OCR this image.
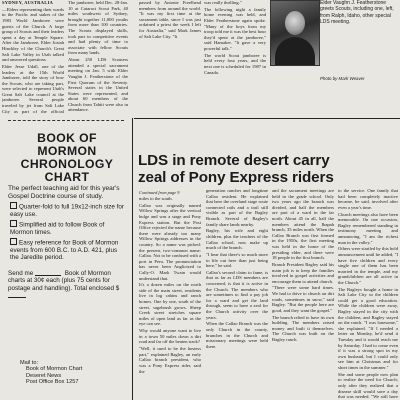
SYDNEY, AUSTRALIA

—Elders representing their wards in the Pacific and stakes of the 1983 World Jamboree were guests of the Church. A large group of Scouts and their leaders spent a day at Temple Square. After the Jamboree, Elder Josiah Hinckley of the Church's Great Salt Lake Valley in Utah talked and answered questions.

Elder Jesse Udall, one of the leaders at the 15th World Jamboree, told the story of how the Scouts, who are taking part, were selected to represent Utah's Great Salt Lake council at the jamboree. Several people traveled by jet from Salt Lake City as part of the official

The jamboree, held Dec. 28-Jan. 10 at Cataract Scout Park, 40 miles southwest of Sydney, brought together 11,000 youths from more than 100 countries. The Scouts displayed skills, took part in competitive events and had plenty of time to associate with fellow Scouts from many lands.

About 250 LDS Scouters attended a special sacrament meeting on Jan. 5 with Elder Vaughn J. Featherstone of the First Quorum of the Seventy. Several states in the United States were represented, and about 60 members of the Church from Tahiti were also in attendance.

passed by Antonie Freelhead members from around the world. "It was my first time at the sacrament table, since I was just ordained a priest the week I left for Australia," said Mark James of Salt Lake City. "It

was really thrilling."

The following night a family home evening was held, and Elder Featherstone again spoke. "Many of the boys from my troop told me it was the best hour they'd spent at the jamboree," said Hamaker. "It gave a very powerful talk."

The world Scout jamboree is held every four years, and the next one is scheduled for 1987 in Canada.

Elder Vaughn J. Featherstone greets Scouts, including one, left, from Ralph, Idaho, other special LDS meeting.
Photo by Mark Weaver
BOOK OF
MORMON
CHRONOLOGY
CHART
The perfect teaching aid for this year's Gospel Doctrine course of study.
Quarter-fold to full 19x12-inch size for easy use.
Simplified aid to follow Book of Mormon times.
Easy reference for Book of Mormon events from 600 B.C. to A.D. 421, plus the Jaredite period.
Send me	Book of Mormon charts at 30¢ each (plus 75 cents for postage and handling). Total enclosed $
Mail to:
Book of Mormon Chart
Deseret News
Post Office Box 1257
LDS in remote desert carry
zeal of Pony Express riders
Continued from page 9

miles to the south.

Callao was originally named Willow Springs after the vertical bulge and was a stage and Pony Express station. But the Post Office rejected the name because there were already too many Willow Springs addresses in the country. So a name was picked: the present, two-common name: Callao. Not to be confused with a port in Peru. The pronunciation has never been Anglicized to Cally-O. Mark Twain would understand that.

It's a dozen miles on the north side of the main street, residents live in log cabins and ranch homes. One by one, south of the street, sagebrush grows. Sheep Creek street stretches square miles of open land as far as the eye can see.

Why would anyone want to live in a town 50 miles down a dirt road and far off the beaten track?

"Well, it used to be the hostess part," explained Bagley, an early Callao branch president, who was a Pony Express rider, said the

generation rancher and longtime Callao resident. He explained that here the overland stage route connected rails and a trail still visible as part of the Bagley Branch. Several of Bagley's family share lands nearby.

Bagley, his wife and eight children, plus the teachers of the Callao school, now make up much of the branch.

"I hear that there's so much more to life out here than just being here," he said.

Callao's second claim to fame, is that as far as LDS members are concerned, is that it is active in the Church. The members who are sometimes to find a pay job for a ward and get the land through, seem to have a zeal for the Church activity over the years.

When the Callao Branch was the only Church in the county, branches in the Church and missionary meetings were held there.

and the sacrament meetings are held in the grade school. Only two years ago the branch was divided, and half the members are part of a ward in the far north. About 45 in all, half the members attend the Ibapah branch, 35 miles north. When the Callao Branch was first formed in the 1950s, the first meeting was held in the home of the presiding elder, and there were 18 people in the first branch.

Branch President Bagley said his main job is to keep the families involved in gospel activities and encourage them to attend church.

"There were some hard times. We had to drive to church on dirt roads, sometimes in snow," said Bagley. "But the people here are good, and they want the gospel."

The branch relied to have its own building. The members raised money and built it themselves. The Church was built on the Bagley ranch.

to the service. One family that had been completely inactive became, he said, involved after even a year's time.

Church meetings also have been memorable. On one occasion, Bagley remembered standing in testimony meeting and announcing, "I am the richest man in the valley."

Others were startled by this bold announcement until he added, "I have five children and every single one of them has been married in the temple, and my grandchildren are all active in the Church."

The Bagleys bought a home in Salt Lake City so the children could get a good education. While the children were away, Bagley stayed in the city with the children, and Bagley stayed on the ranch. "I was lonesome," she explained. "If I needed a letter on Monday, he'd send it Tuesday and it would reach me by Saturday. I had to come even if it was a strong spot in my own husband, but I could only see him at Christmas and for short times in the summer."

She and some people now plan to realize the need for Church; only after they realized that a disease skill would save a day that was needed. "We still have
